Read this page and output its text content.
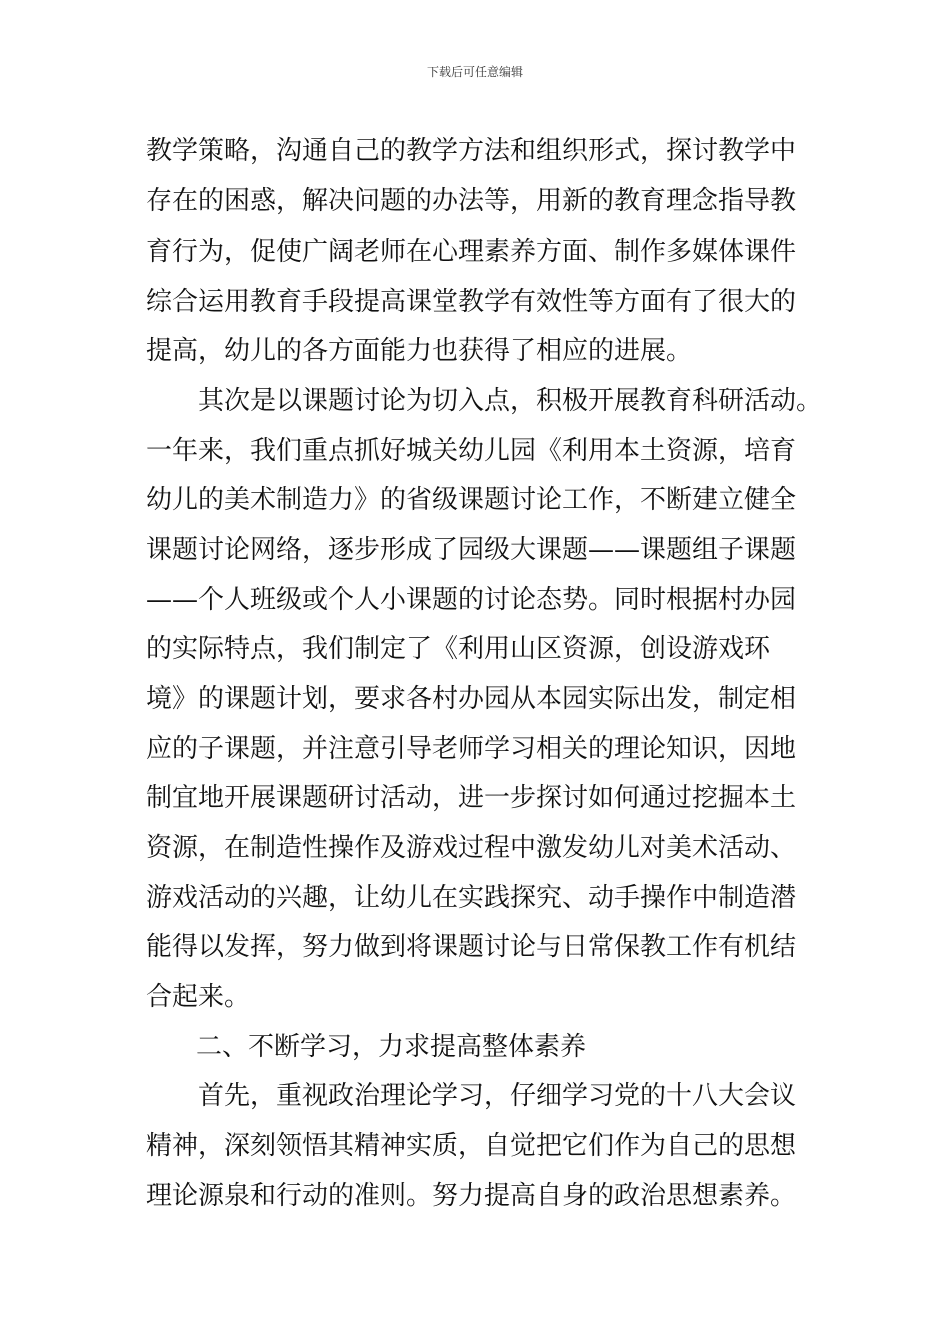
下载后可任意编辑
教学策略，沟通自己的教学方法和组织形式，探讨教学中
存在的困惑，解决问题的办法等，用新的教育理念指导教
育行为，促使广阔老师在心理素养方面、制作多媒体课件
综合运用教育手段提高课堂教学有效性等方面有了很大的
提高，幼儿的各方面能力也获得了相应的进展。
其次是以课题讨论为切入点，积极开展教育科研活动。
一年来，我们重点抓好城关幼儿园《利用本土资源，培育
幼儿的美术制造力》的省级课题讨论工作，不断建立健全
课题讨论网络，逐步形成了园级大课题——课题组子课题
——个人班级或个人小课题的讨论态势。同时根据村办园
的实际特点，我们制定了《利用山区资源，创设游戏环
境》的课题计划，要求各村办园从本园实际出发，制定相
应的子课题，并注意引导老师学习相关的理论知识，因地
制宜地开展课题研讨活动，进一步探讨如何通过挖掘本土
资源，在制造性操作及游戏过程中激发幼儿对美术活动、
游戏活动的兴趣，让幼儿在实践探究、动手操作中制造潜
能得以发挥，努力做到将课题讨论与日常保教工作有机结
合起来。
二、不断学习，力求提高整体素养
首先，重视政治理论学习，仔细学习党的十八大会议
精神，深刻领悟其精神实质，自觉把它们作为自己的思想
理论源泉和行动的准则。努力提高自身的政治思想素养。
